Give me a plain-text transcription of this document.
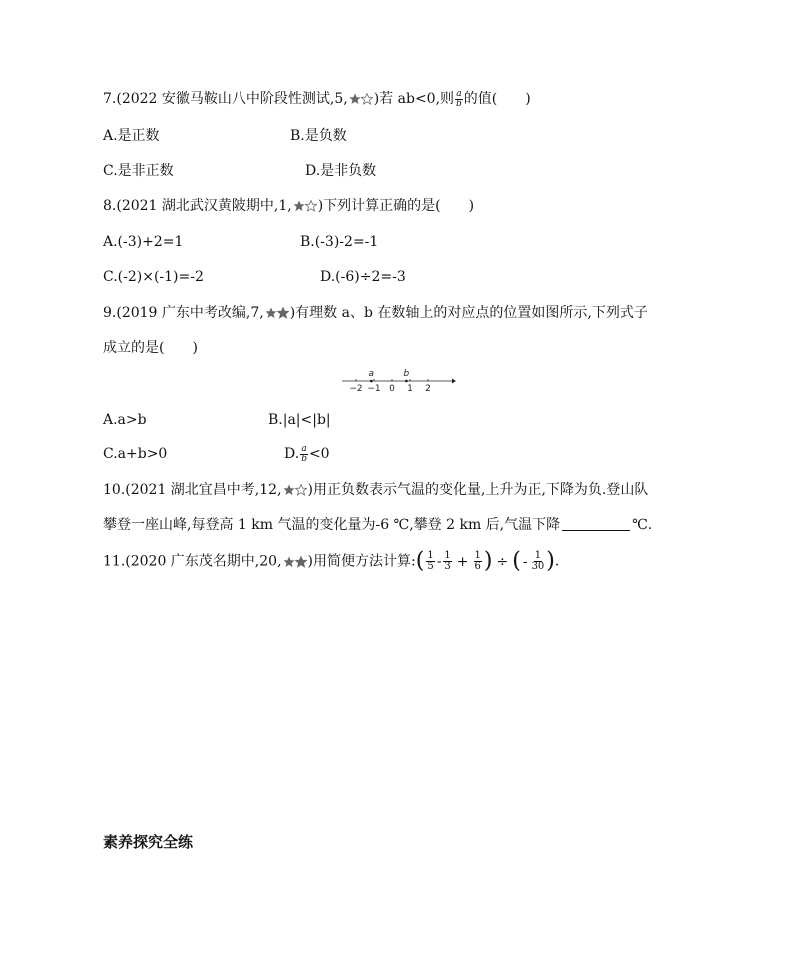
7.(2022 安徽马鞍山八中阶段性测试,5, )若 ab<0,则 $\frac{a}{b}$ 的值( )
A.是正数	B.是负数
C.是非正数	D.是非负数
8.(2021 湖北武汉黄陂期中,1, )下列计算正确的是( )
A.(-3)+2=1	B.(-3)-2=-1
C.(-2)×(-1)=-2	D.(-6)÷2=-3
9.(2019 广东中考改编,7, )有理数 a、b 在数轴上的对应点的位置如图所示,下列式子
成立的是( )
−2 −1 0 1 2
a	b
A.a>b	B.|a|<|b|
C.a+b>0	D. $\frac{a}{b} <0$
10.(2021 湖北宜昌中考,12, )用正负数表示气温的变化量,上升为正,下降为负.登山队
攀登一座山峰,每登高 1 km 气温的变化量为-6 ℃,攀登 2 km 后,气温下降	℃.
11.(2020 广东茂名期中,20, )用简便方法计算:( $\frac{1}{5} - \frac{1}{3} + \frac{1}{6}$ ) ÷ ( - $\frac{1}{30}$ ).
素养探究全练
